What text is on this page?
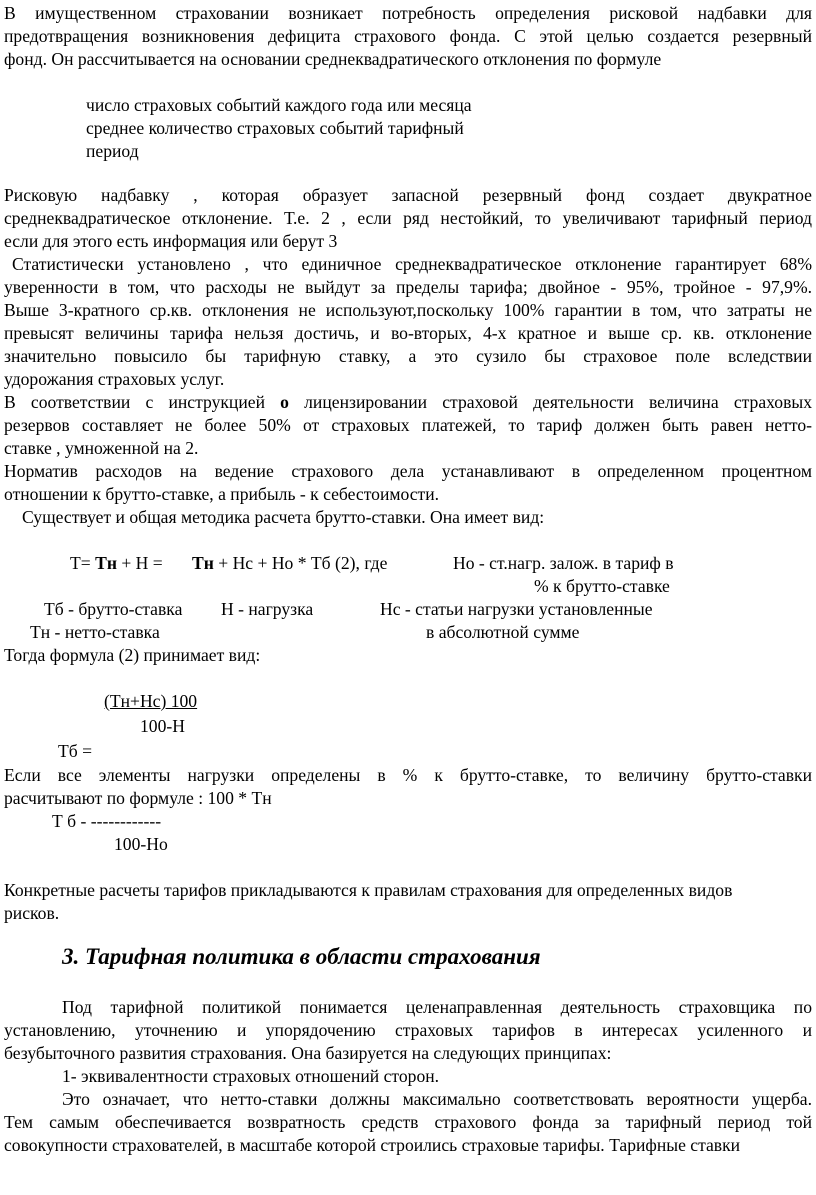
В имущественном страховании возникает потребность определения рисковой надбавки для
предотвращения возникновения дефицита страхового фонда. С этой целью создается резервный
фонд. Он рассчитывается на основании среднеквадратического отклонения по формуле
число страховых событий каждого года или месяца
среднее количество страховых событий тарифный
период
Рисковую надбавку , которая образует запасной резервный фонд создает двукратное
среднеквадратическое отклонение. Т.е. 2 , если ряд нестойкий, то увеличивают тарифный период
если для этого есть информация или берут 3
Статистически установлено , что единичное среднеквадратическое отклонение гарантирует 68%
уверенности в том, что расходы не выйдут за пределы тарифа; двойное - 95%, тройное - 97,9%.
Выше 3-кратного ср.кв. отклонения не используют,поскольку 100% гарантии в том, что затраты не
превысят величины тарифа нельзя достичь, и во-вторых, 4-х кратное и выше ср. кв. отклонение
значительно повысило бы тарифную ставку, а это сузило бы страховое поле вследствии
удорожания страховых услуг.
В соответствии с инструкцией о лицензировании страховой деятельности величина страховых
резервов составляет не более 50% от страховых платежей, то тариф должен быть равен нетто-
ставке , умноженной на 2.
Норматив расходов на ведение страхового дела устанавливают в определенном процентном
отношении к брутто-ставке, а прибыль - к себестоимости.
Существует и общая методика расчета брутто-ставки. Она имеет вид:
Т= Тн + Н = Тн + Нс + Но * Тб (2), где	Но - ст.нагр. залож. в тариф в
% к брутто-ставке
Тб - брутто-ставка Н - нагрузка	Нс - статьи нагрузки установленные
Тн - нетто-ставка	в абсолютной сумме
Тогда формула (2) принимает вид:
(Тн+Нс) 100
100-Н
Тб =
Если все элементы нагрузки определены в % к брутто-ставке, то величину брутто-ставки
расчитывают по формуле : 100 * Тн
Т б - ------------
100-Но
Конкретные расчеты тарифов прикладываются к правилам страхования для определенных видов
рисков.
3. Тарифная политика в области страхования
Под тарифной политикой понимается целенаправленная деятельность страховщика по
установлению, уточнению и упорядочению страховых тарифов в интересах усиленного и
безубыточного развития страхования. Она базируется на следующих принципах:
1- эквивалентности страховых отношений сторон.
Это означает, что нетто-ставки должны максимально соответствовать вероятности ущерба.
Тем самым обеспечивается возвратность средств страхового фонда за тарифный период той
совокупности страхователей, в масштабе которой строились страховые тарифы. Тарифные ставки
